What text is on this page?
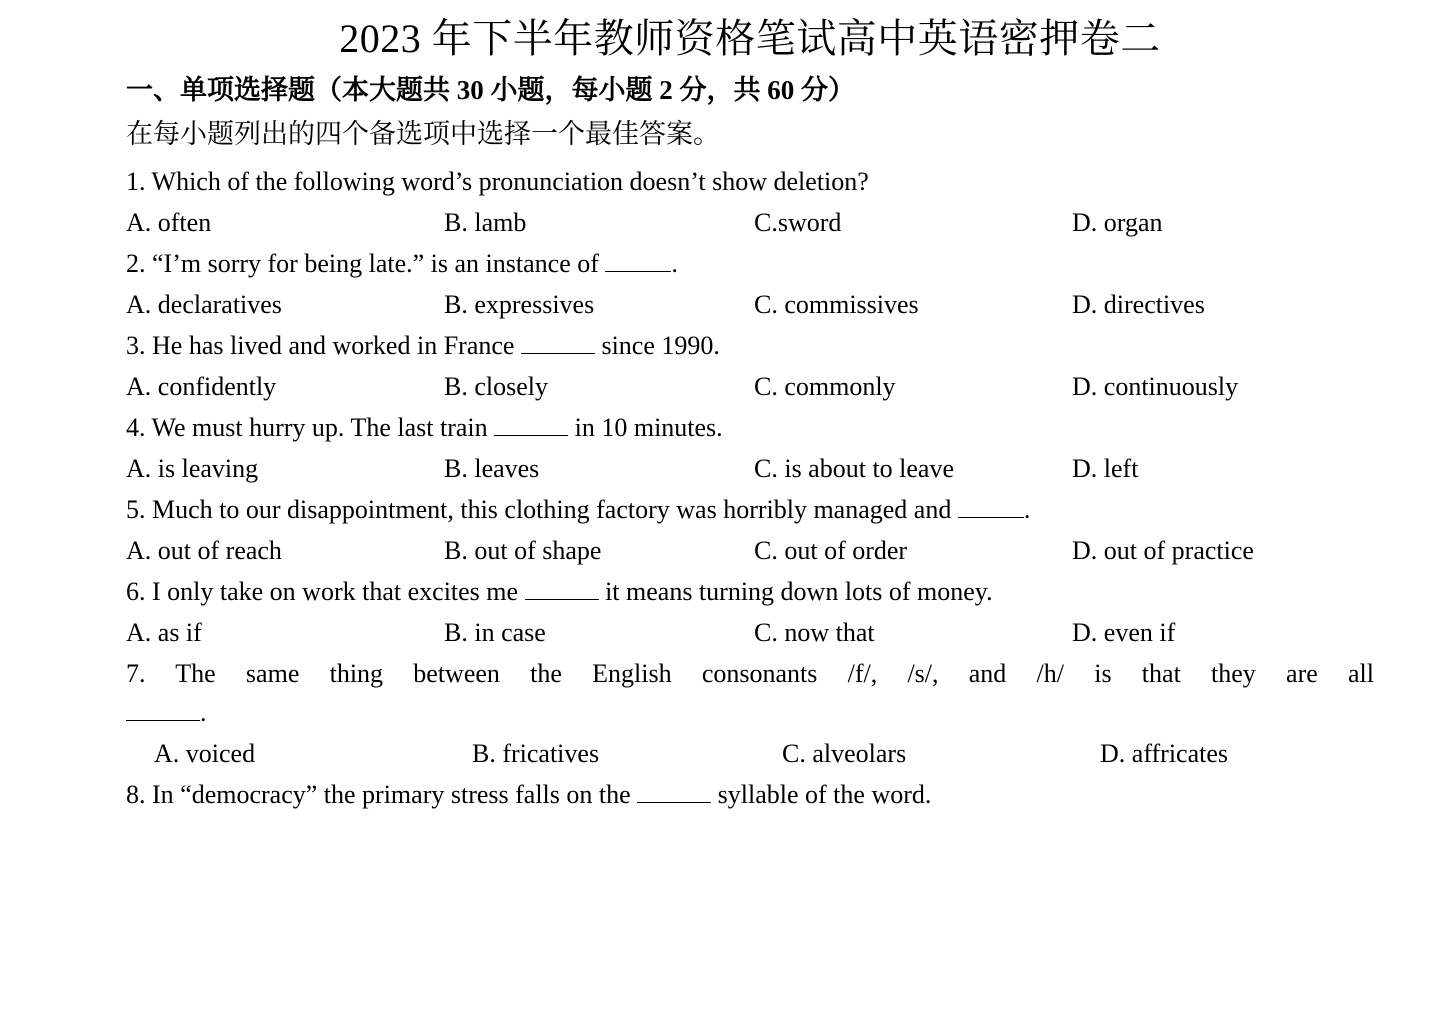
2023 年下半年教师资格笔试高中英语密押卷二
一、单项选择题（本大题共 30 小题，每小题 2 分，共 60 分）
在每小题列出的四个备选项中选择一个最佳答案。
1. Which of the following word’s pronunciation doesn’t show deletion?
A. often	B. lamb	C.sword	D. organ
2. “I’m sorry for being late.” is an instance of	.
A. declaratives	B. expressives	C. commissives	D. directives
3. He has lived and worked in France	since 1990.
A. confidently	B. closely	C. commonly	D. continuously
4. We must hurry up. The last train	in 10 minutes.
A. is leaving	B. leaves	C. is about to leave	D. left
5. Much to our disappointment, this clothing factory was horribly managed and	.
A. out of reach	B. out of shape	C. out of order	D. out of practice
6. I only take on work that excites me	it means turning down lots of money.
A. as if	B. in case	C. now that	D. even if
7. The same thing between the English consonants /f/, /s/, and /h/ is that they are all
.
A. voiced	B. fricatives	C. alveolars	D. affricates
8. In “democracy” the primary stress falls on the	syllable of the word.
